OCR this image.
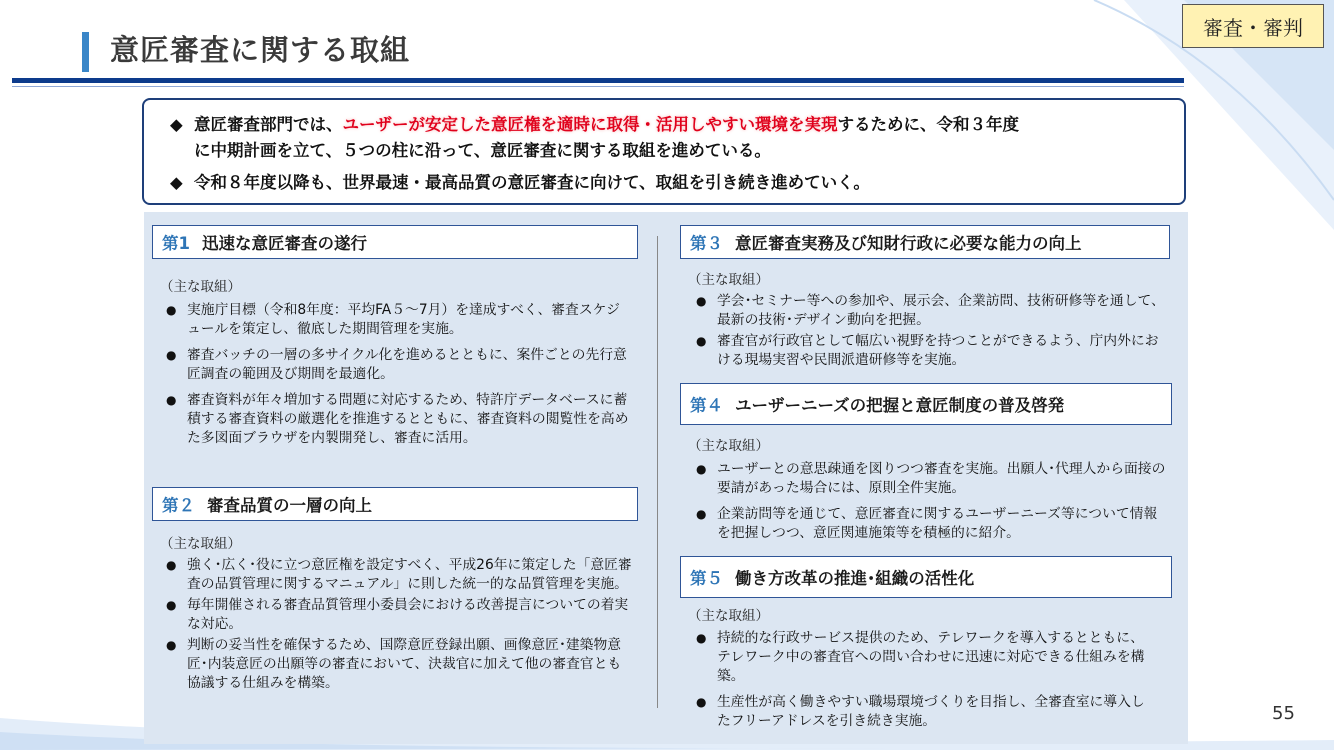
意匠審査に関する取組
審査・審判
◆ 意匠審査部門では、ユーザーが安定した意匠権を適時に取得・活用しやすい環境を実現するために、令和３年度
に中期計画を立て、５つの柱に沿って、意匠審査に関する取組を進めている。
◆ 令和８年度以降も、世界最速・最高品質の意匠審査に向けて、取組を引き続き進めていく。
第1 迅速な意匠審査の遂行
（主な取組）
● 実施庁目標（令和8年度：平均FA５～7月）を達成すべく、審査スケジュールを策定し、徹底した期間管理を実施。
● 審査バッチの一層の多サイクル化を進めるとともに、案件ごとの先行意匠調査の範囲及び期間を最適化。
● 審査資料が年々増加する問題に対応するため、特許庁データベースに蓄積する審査資料の厳選化を推進するとともに、審査資料の閲覧性を高めた多図面ブラウザを内製開発し、審査に活用。
第２ 審査品質の一層の向上
（主な取組）
● 強く･広く･役に立つ意匠権を設定すべく、平成26年に策定した「意匠審査の品質管理に関するマニュアル」に則した統一的な品質管理を実施。
● 毎年開催される審査品質管理小委員会における改善提言についての着実な対応。
● 判断の妥当性を確保するため、国際意匠登録出願、画像意匠･建築物意匠･内装意匠の出願等の審査において、決裁官に加えて他の審査官とも協議する仕組みを構築。
第３ 意匠審査実務及び知財行政に必要な能力の向上
（主な取組）
● 学会･セミナー等への参加や、展示会、企業訪問、技術研修等を通して、最新の技術･デザイン動向を把握。
● 審査官が行政官として幅広い視野を持つことができるよう、庁内外における現場実習や民間派遣研修等を実施。
第４ ユーザーニーズの把握と意匠制度の普及啓発
（主な取組）
● ユーザーとの意思疎通を図りつつ審査を実施。出願人･代理人から面接の要請があった場合には、原則全件実施。
● 企業訪問等を通じて、意匠審査に関するユーザーニーズ等について情報を把握しつつ、意匠関連施策等を積極的に紹介。
第５ 働き方改革の推進･組織の活性化
（主な取組）
● 持続的な行政サービス提供のため、テレワークを導入するとともに、テレワーク中の審査官への問い合わせに迅速に対応できる仕組みを構築。
● 生産性が高く働きやすい職場環境づくりを目指し、全審査室に導入したフリーアドレスを引き続き実施。	55
